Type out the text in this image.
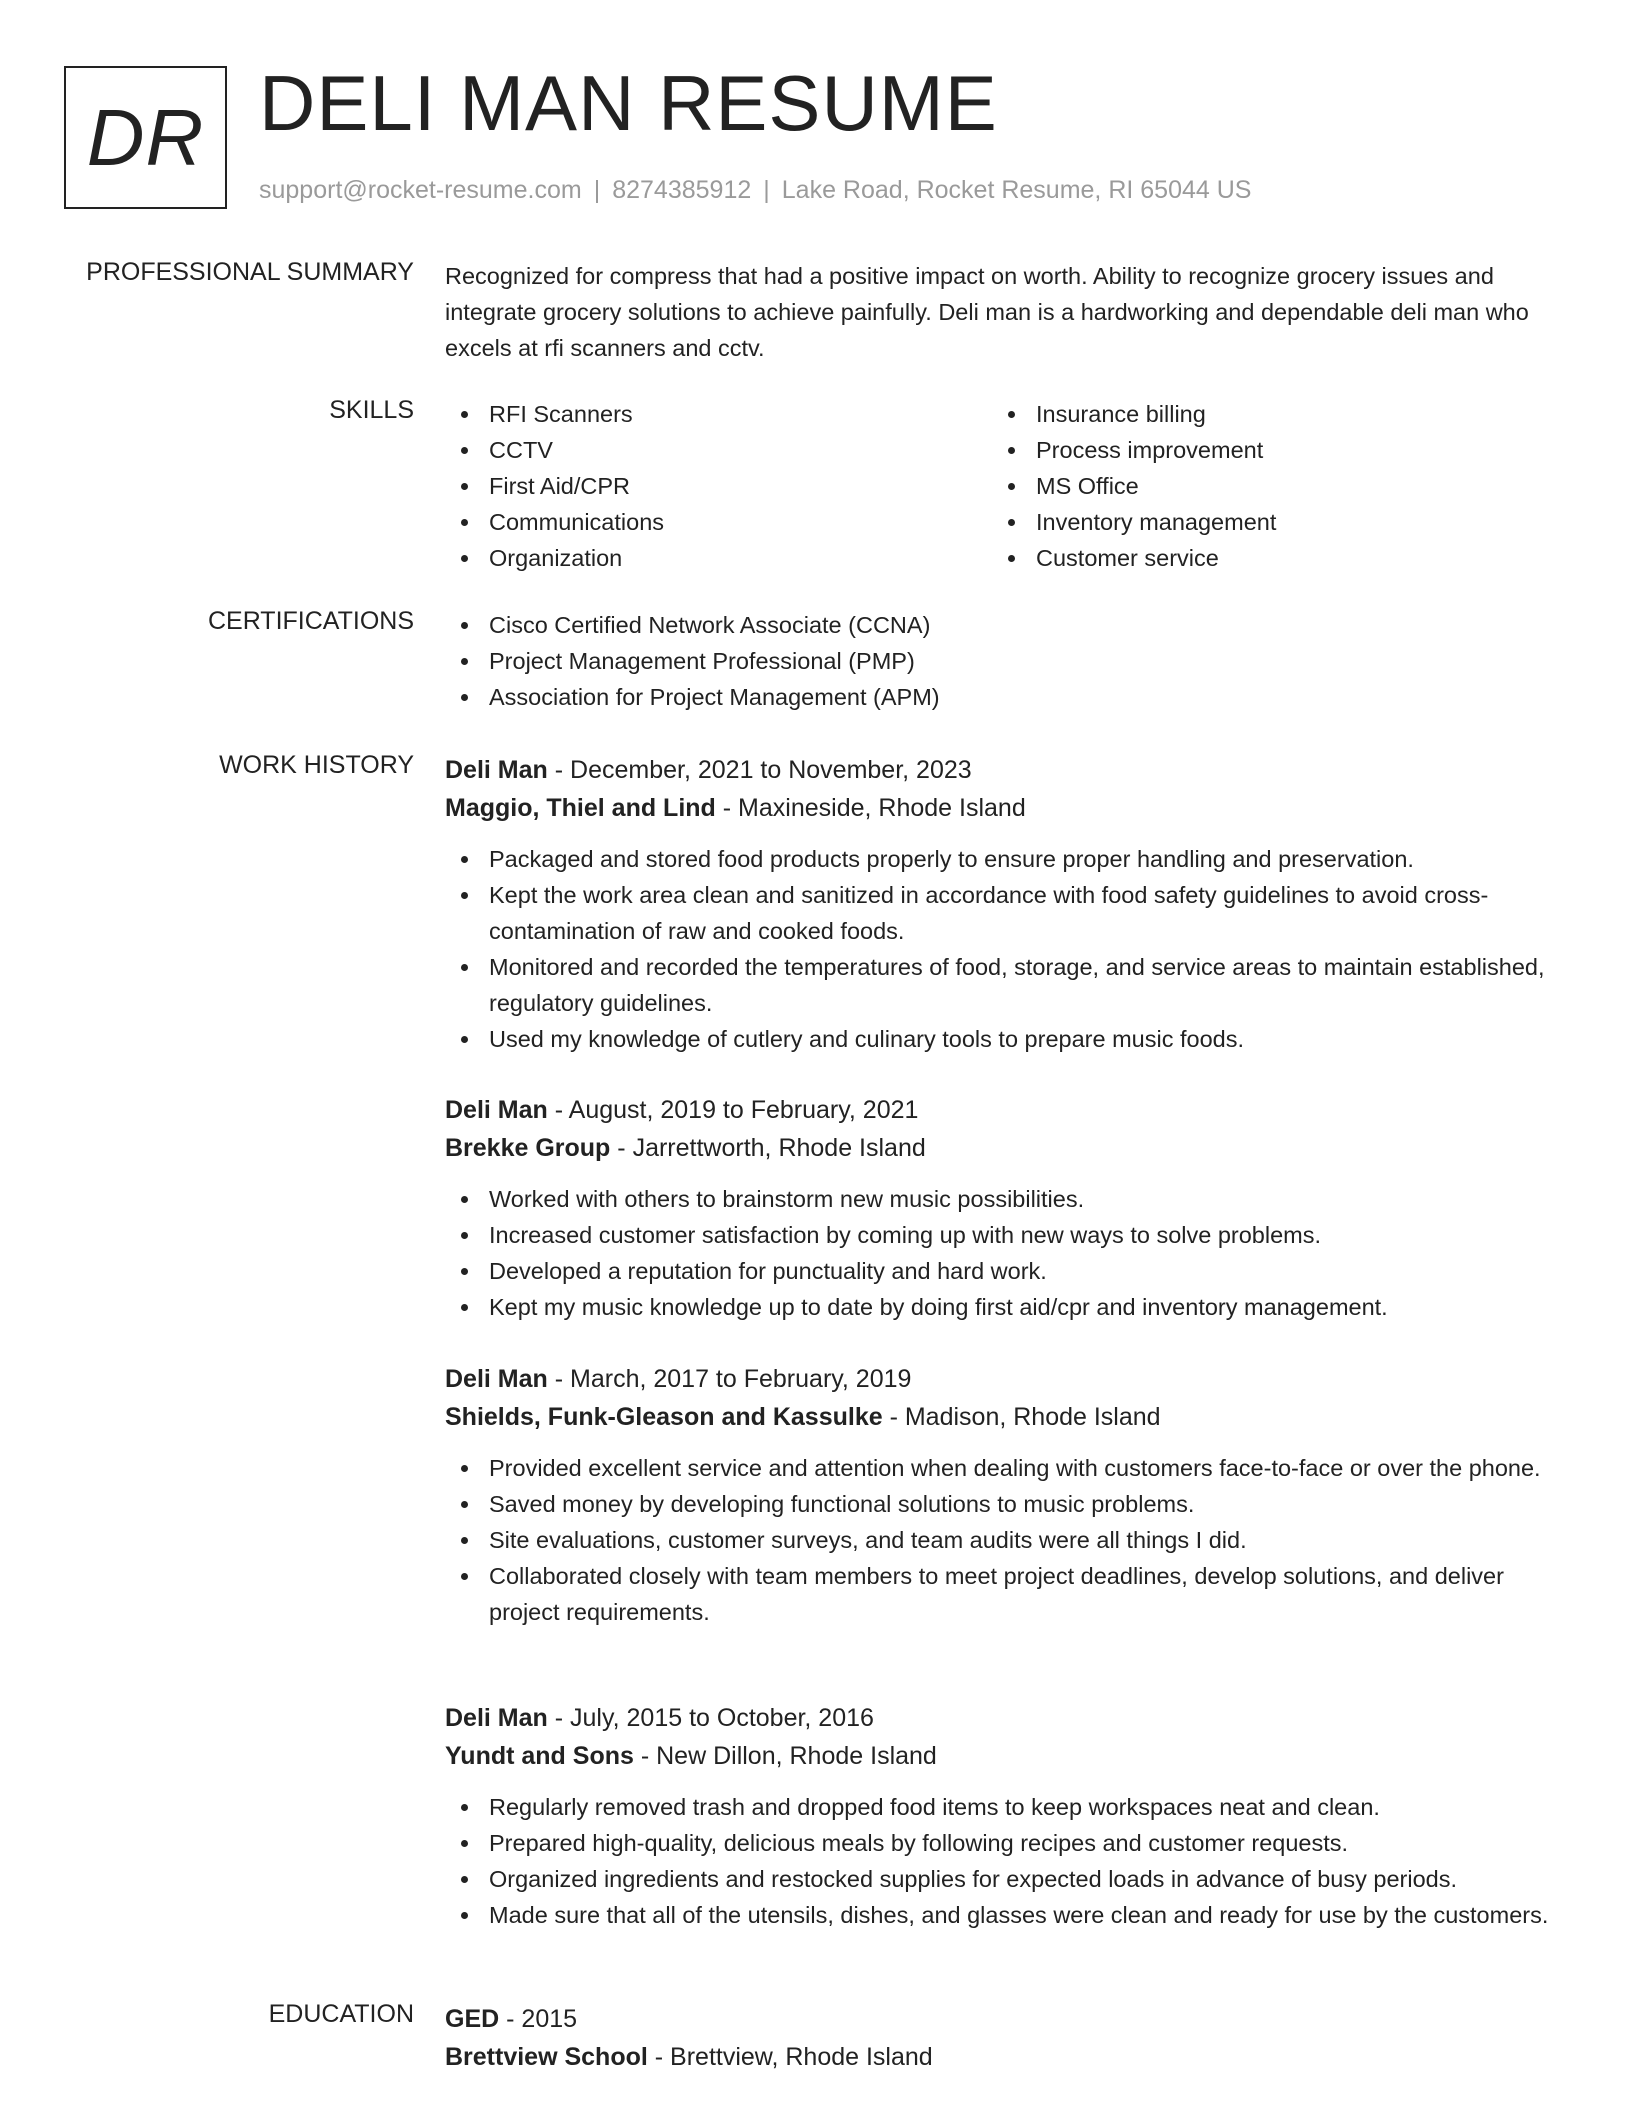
DR DELI MAN RESUME
support@rocket-resume.com | 8274385912 | Lake Road, Rocket Resume, RI 65044 US
PROFESSIONAL SUMMARY Recognized for compress that had a positive impact on worth. Ability to recognize grocery issues and integrate grocery solutions to achieve painfully. Deli man is a hardworking and dependable deli man who excels at rfi scanners and cctv.
SKILLS	RFI Scanners
CCTV
First Aid/CPR
Communications
Organization
Insurance billing
Process improvement
MS Office
Inventory management
Customer service
CERTIFICATIONS	Cisco Certified Network Associate (CCNA)
Project Management Professional (PMP)
Association for Project Management (APM)
WORK HISTORY Deli Man - December, 2021 to November, 2023
Maggio, Thiel and Lind - Maxineside, Rhode Island
Packaged and stored food products properly to ensure proper handling and preservation.
Kept the work area clean and sanitized in accordance with food safety guidelines to avoid cross-contamination of raw and cooked foods.
Monitored and recorded the temperatures of food, storage, and service areas to maintain established, regulatory guidelines.
Used my knowledge of cutlery and culinary tools to prepare music foods.
Deli Man - August, 2019 to February, 2021
Brekke Group - Jarrettworth, Rhode Island
Worked with others to brainstorm new music possibilities.
Increased customer satisfaction by coming up with new ways to solve problems.
Developed a reputation for punctuality and hard work.
Kept my music knowledge up to date by doing first aid/cpr and inventory management.
Deli Man - March, 2017 to February, 2019
Shields, Funk-Gleason and Kassulke - Madison, Rhode Island
Provided excellent service and attention when dealing with customers face-to-face or over the phone.
Saved money by developing functional solutions to music problems.
Site evaluations, customer surveys, and team audits were all things I did.
Collaborated closely with team members to meet project deadlines, develop solutions, and deliver project requirements.
Deli Man - July, 2015 to October, 2016
Yundt and Sons - New Dillon, Rhode Island
Regularly removed trash and dropped food items to keep workspaces neat and clean.
Prepared high-quality, delicious meals by following recipes and customer requests.
Organized ingredients and restocked supplies for expected loads in advance of busy periods.
Made sure that all of the utensils, dishes, and glasses were clean and ready for use by the customers.
EDUCATION GED - 2015
Brettview School - Brettview, Rhode Island
